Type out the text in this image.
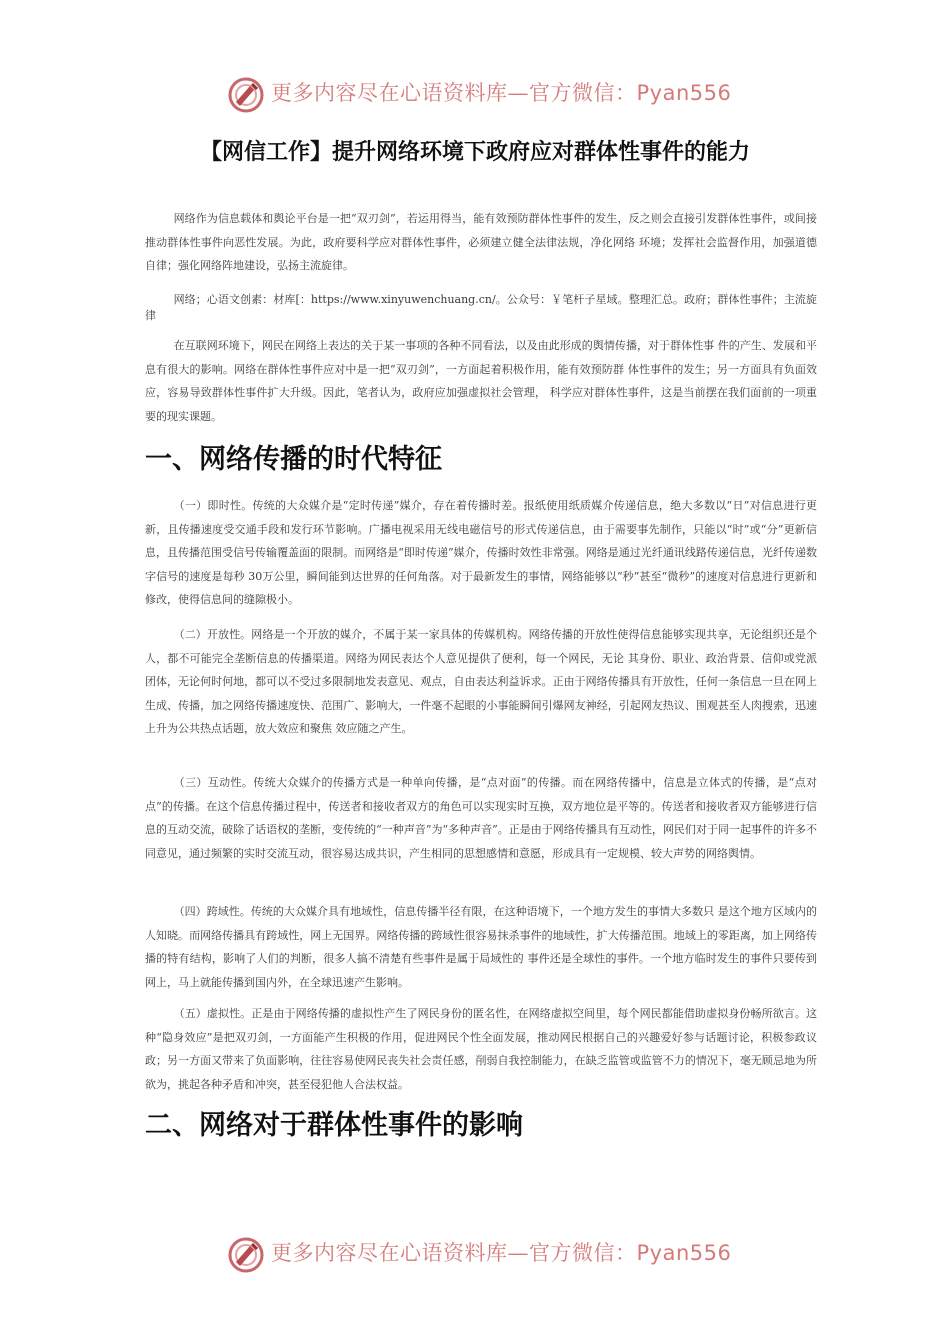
更多内容尽在心语资料库—官方微信：Pyan556
【网信工作】提升网络环境下政府应对群体性事件的能力

网络作为信息载体和舆论平台是一把“双刃剑”，若运用得当，能有效预防群体性事件的发生，反之则会直接引发群体性事件，或间接推动群体性事件向恶性发展。为此，政府要科学应对群体性事件，必须建立健全法律法规，净化网络 环境；发挥社会监督作用，加强道德自律；强化网络阵地建设，弘扬主流旋律。

网络；心语文创素：材库[：https://www.xinyuwenchuang.cn/。公众号：￥笔杆子星域。整理汇总。政府；群体性事件；主流旋律

在互联网环境下，网民在网络上表达的关于某一事项的各种不同看法，以及由此形成的舆情传播，对于群体性事 件的产生、发展和平息有很大的影响。网络在群体性事件应对中是一把“双刃剑”，一方面起着积极作用，能有效预防群 体性事件的发生；另一方面具有负面效应，容易导致群体性事件扩大升级。因此，笔者认为，政府应加强虚拟社会管理， 科学应对群体性事件，这是当前摆在我们面前的一项重要的现实课题。

一、网络传播的时代特征

（一）即时性。传统的大众媒介是“定时传递”媒介，存在着传播时差。报纸使用纸质媒介传递信息，绝大多数以“日”对信息进行更新，且传播速度受交通手段和发行环节影响。广播电视采用无线电磁信号的形式传递信息，由于需要事先制作，只能以“时”或“分”更新信息，且传播范围受信号传输覆盖面的限制。而网络是“即时传递”媒介，传播时效性非常强。网络是通过光纤通讯线路传递信息，光纤传递数字信号的速度是每秒 30万公里，瞬间能到达世界的任何角落。对于最新发生的事情，网络能够以“秒”甚至“微秒”的速度对信息进行更新和修改，使得信息间的缝隙极小。

（二）开放性。网络是一个开放的媒介，不属于某一家具体的传媒机构。网络传播的开放性使得信息能够实现共享，无论组织还是个人，都不可能完全垄断信息的传播渠道。网络为网民表达个人意见提供了便利，每一个网民，无论 其身份、职业、政治背景、信仰或党派团体，无论何时何地，都可以不受过多限制地发表意见、观点，自由表达利益诉求。正由于网络传播具有开放性，任何一条信息一旦在网上生成、传播，加之网络传播速度快、范围广、影响大，一件毫不起眼的小事能瞬间引爆网友神经，引起网友热议、围观甚至人肉搜索，迅速上升为公共热点话题，放大效应和聚焦 效应随之产生。

（三）互动性。传统大众媒介的传播方式是一种单向传播，是“点对面”的传播。而在网络传播中，信息是立体式的传播，是“点对点”的传播。在这个信息传播过程中，传送者和接收者双方的角色可以实现实时互换，双方地位是平等的。传送者和接收者双方能够进行信息的互动交流，破除了话语权的垄断，变传统的“一种声音”为“多种声音”。正是由于网络传播具有互动性，网民们对于同一起事件的许多不同意见，通过频繁的实时交流互动，很容易达成共识，产生相同的思想感情和意愿，形成具有一定规模、较大声势的网络舆情。

（四）跨域性。传统的大众媒介具有地域性，信息传播半径有限，在这种语境下，一个地方发生的事情大多数只 是这个地方区域内的人知晓。而网络传播具有跨域性，网上无国界。网络传播的跨域性很容易抹杀事件的地域性，扩大传播范围。地域上的零距离，加上网络传播的特有结构，影响了人们的判断，很多人搞不清楚有些事件是属于局域性的 事件还是全球性的事件。一个地方临时发生的事件只要传到网上，马上就能传播到国内外，在全球迅速产生影响。

（五）虚拟性。正是由于网络传播的虚拟性产生了网民身份的匿名性，在网络虚拟空间里，每个网民都能借助虚拟身份畅所欲言。这种“隐身效应”是把双刃剑，一方面能产生积极的作用，促进网民个性全面发展，推动网民根据自己的兴趣爱好参与话题讨论，积极参政议政；另一方面又带来了负面影响，往往容易使网民丧失社会责任感，削弱自我控制能力，在缺乏监管或监管不力的情况下，毫无顾忌地为所欲为，挑起各种矛盾和冲突，甚至侵犯他人合法权益。

二、网络对于群体性事件的影响
更多内容尽在心语资料库—官方微信：Pyan556
